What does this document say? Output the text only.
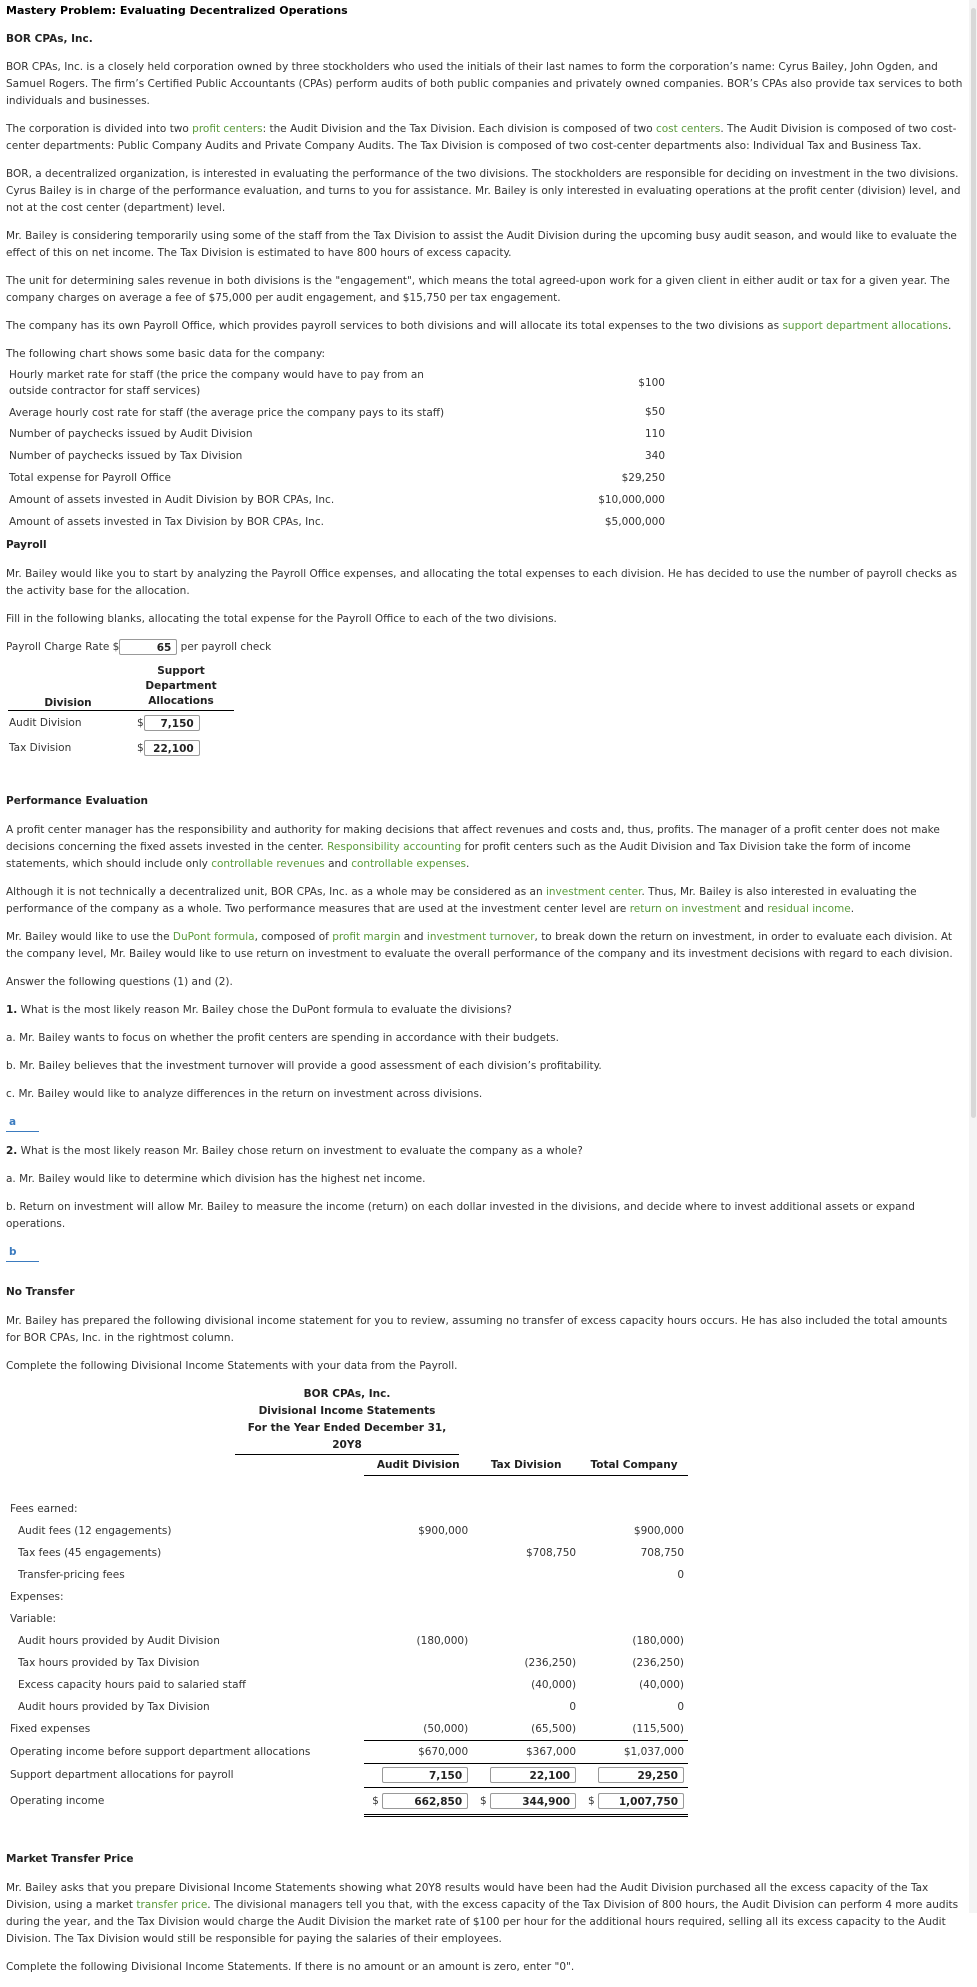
Mastery Problem: Evaluating Decentralized Operations

BOR CPAs, Inc.

BOR CPAs, Inc. is a closely held corporation owned by three stockholders who used the initials of their last names to form the corporation’s name: Cyrus Bailey, John Ogden, and Samuel Rogers. The firm’s Certified Public Accountants (CPAs) perform audits of both public companies and privately owned companies. BOR’s CPAs also provide tax services to both individuals and businesses.

The corporation is divided into two profit centers: the Audit Division and the Tax Division. Each division is composed of two cost centers. The Audit Division is composed of two cost-center departments: Public Company Audits and Private Company Audits. The Tax Division is composed of two cost-center departments also: Individual Tax and Business Tax.

BOR, a decentralized organization, is interested in evaluating the performance of the two divisions. The stockholders are responsible for deciding on investment in the two divisions. Cyrus Bailey is in charge of the performance evaluation, and turns to you for assistance. Mr. Bailey is only interested in evaluating operations at the profit center (division) level, and not at the cost center (department) level.

Mr. Bailey is considering temporarily using some of the staff from the Tax Division to assist the Audit Division during the upcoming busy audit season, and would like to evaluate the effect of this on net income. The Tax Division is estimated to have 800 hours of excess capacity.

The unit for determining sales revenue in both divisions is the "engagement", which means the total agreed-upon work for a given client in either audit or tax for a given year. The company charges on average a fee of $75,000 per audit engagement, and $15,750 per tax engagement.

The company has its own Payroll Office, which provides payroll services to both divisions and will allocate its total expenses to the two divisions as support department allocations.

The following chart shows some basic data for the company:

Hourly market rate for staff (the price the company would have to pay from an outside contractor for staff services)	$100
Average hourly cost rate for staff (the average price the company pays to its staff)	$50
Number of paychecks issued by Audit Division	110
Number of paychecks issued by Tax Division	340
Total expense for Payroll Office	$29,250
Amount of assets invested in Audit Division by BOR CPAs, Inc.	$10,000,000
Amount of assets invested in Tax Division by BOR CPAs, Inc.	$5,000,000

Payroll

Mr. Bailey would like you to start by analyzing the Payroll Office expenses, and allocating the total expenses to each division. He has decided to use the number of payroll checks as the activity base for the allocation.

Fill in the following blanks, allocating the total expense for the Payroll Office to each of the two divisions.

Payroll Charge Rate $	65 per payroll check
Division	Support Department Allocations
Audit Division	$ 7,150
Tax Division	$ 22,100

Performance Evaluation

A profit center manager has the responsibility and authority for making decisions that affect revenues and costs and, thus, profits. The manager of a profit center does not make decisions concerning the fixed assets invested in the center. Responsibility accounting for profit centers such as the Audit Division and Tax Division take the form of income statements, which should include only controllable revenues and controllable expenses.

Although it is not technically a decentralized unit, BOR CPAs, Inc. as a whole may be considered as an investment center. Thus, Mr. Bailey is also interested in evaluating the performance of the company as a whole. Two performance measures that are used at the investment center level are return on investment and residual income.

Mr. Bailey would like to use the DuPont formula, composed of profit margin and investment turnover, to break down the return on investment, in order to evaluate each division. At the company level, Mr. Bailey would like to use return on investment to evaluate the overall performance of the company and its investment decisions with regard to each division.

Answer the following questions (1) and (2).

1. What is the most likely reason Mr. Bailey chose the DuPont formula to evaluate the divisions?

a. Mr. Bailey wants to focus on whether the profit centers are spending in accordance with their budgets.

b. Mr. Bailey believes that the investment turnover will provide a good assessment of each division’s profitability.

c. Mr. Bailey would like to analyze differences in the return on investment across divisions.

a

2. What is the most likely reason Mr. Bailey chose return on investment to evaluate the company as a whole?

a. Mr. Bailey would like to determine which division has the highest net income.

b. Return on investment will allow Mr. Bailey to measure the income (return) on each dollar invested in the divisions, and decide where to invest additional assets or expand operations.

b

No Transfer

Mr. Bailey has prepared the following divisional income statement for you to review, assuming no transfer of excess capacity hours occurs. He has also included the total amounts for BOR CPAs, Inc. in the rightmost column.

Complete the following Divisional Income Statements with your data from the Payroll.

BOR CPAs, Inc.
Divisional Income Statements
For the Year Ended December 31, 20Y8
	Audit Division	Tax Division	Total Company

Fees earned:			
Audit fees (12 engagements)	$900,000		$900,000
Tax fees (45 engagements)		$708,750	708,750
Transfer-pricing fees			0
Expenses:			
Variable:			
Audit hours provided by Audit Division	(180,000)		(180,000)
Tax hours provided by Tax Division		(236,250)	(236,250)
Excess capacity hours paid to salaried staff		(40,000)	(40,000)
Audit hours provided by Tax Division		0	0
Fixed expenses	(50,000)	(65,500)	(115,500)
Operating income before support department allocations	$670,000	$367,000	$1,037,000
Support department allocations for payroll	7,150	22,100	29,250
Operating income	$ 662,850	$ 344,900	$ 1,007,750

Market Transfer Price

Mr. Bailey asks that you prepare Divisional Income Statements showing what 20Y8 results would have been had the Audit Division purchased all the excess capacity of the Tax Division, using a market transfer price. The divisional managers tell you that, with the excess capacity of the Tax Division of 800 hours, the Audit Division can perform 4 more audits during the year, and the Tax Division would charge the Audit Division the market rate of $100 per hour for the additional hours required, selling all its excess capacity to the Audit Division. The Tax Division would still be responsible for paying the salaries of their employees.

Complete the following Divisional Income Statements. If there is no amount or an amount is zero, enter "0".
